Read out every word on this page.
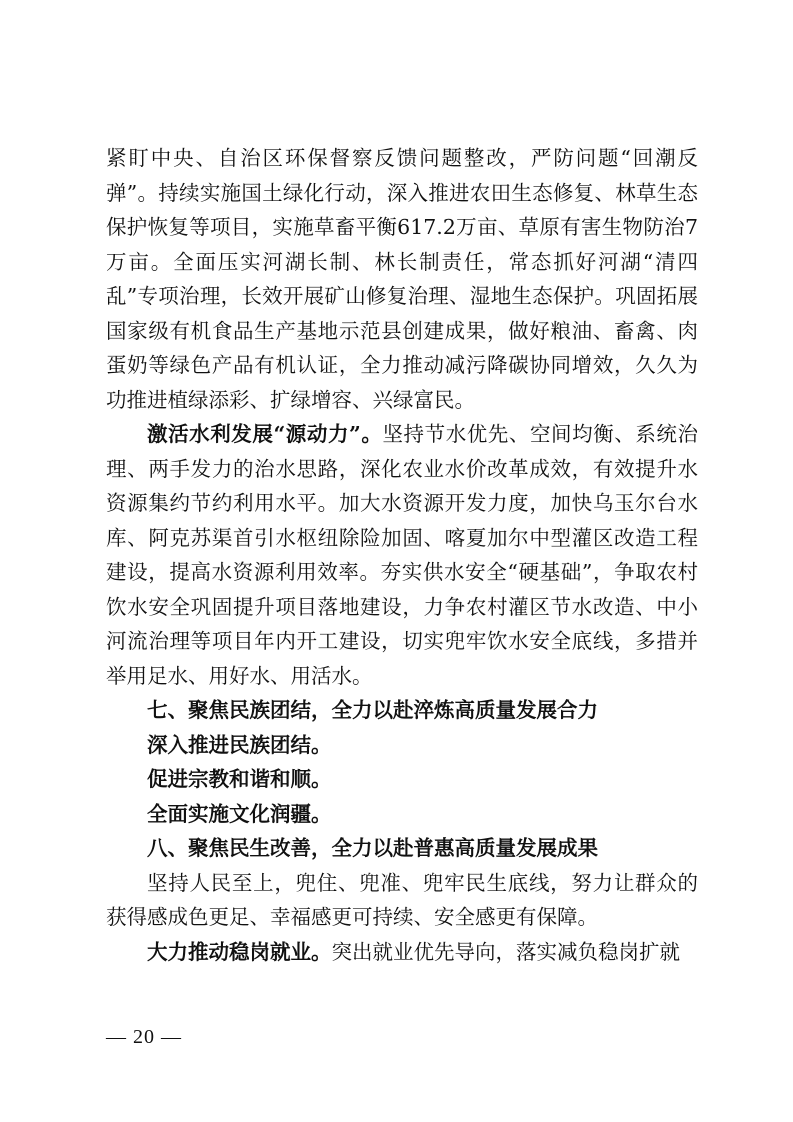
紧盯中央、自治区环保督察反馈问题整改，严防问题“回潮反弹”。持续实施国土绿化行动，深入推进农田生态修复、林草生态保护恢复等项目，实施草畜平衡617.2万亩、草原有害生物防治7万亩。全面压实河湖长制、林长制责任，常态抓好河湖“清四乱”专项治理，长效开展矿山修复治理、湿地生态保护。巩固拓展国家级有机食品生产基地示范县创建成果，做好粮油、畜禽、肉蛋奶等绿色产品有机认证，全力推动减污降碳协同增效，久久为功推进植绿添彩、扩绿增容、兴绿富民。

激活水利发展“源动力”。坚持节水优先、空间均衡、系统治理、两手发力的治水思路，深化农业水价改革成效，有效提升水资源集约节约利用水平。加大水资源开发力度，加快乌玉尔台水库、阿克苏渠首引水枢纽除险加固、喀夏加尔中型灌区改造工程建设，提高水资源利用效率。夯实供水安全“硬基础”，争取农村饮水安全巩固提升项目落地建设，力争农村灌区节水改造、中小河流治理等项目年内开工建设，切实兜牢饮水安全底线，多措并举用足水、用好水、用活水。

七、聚焦民族团结，全力以赴淬炼高质量发展合力

深入推进民族团结。

促进宗教和谐和顺。

全面实施文化润疆。

八、聚焦民生改善，全力以赴普惠高质量发展成果

坚持人民至上，兜住、兜准、兜牢民生底线，努力让群众的获得感成色更足、幸福感更可持续、安全感更有保障。

大力推动稳岗就业。突出就业优先导向，落实减负稳岗扩就

— 20 —
